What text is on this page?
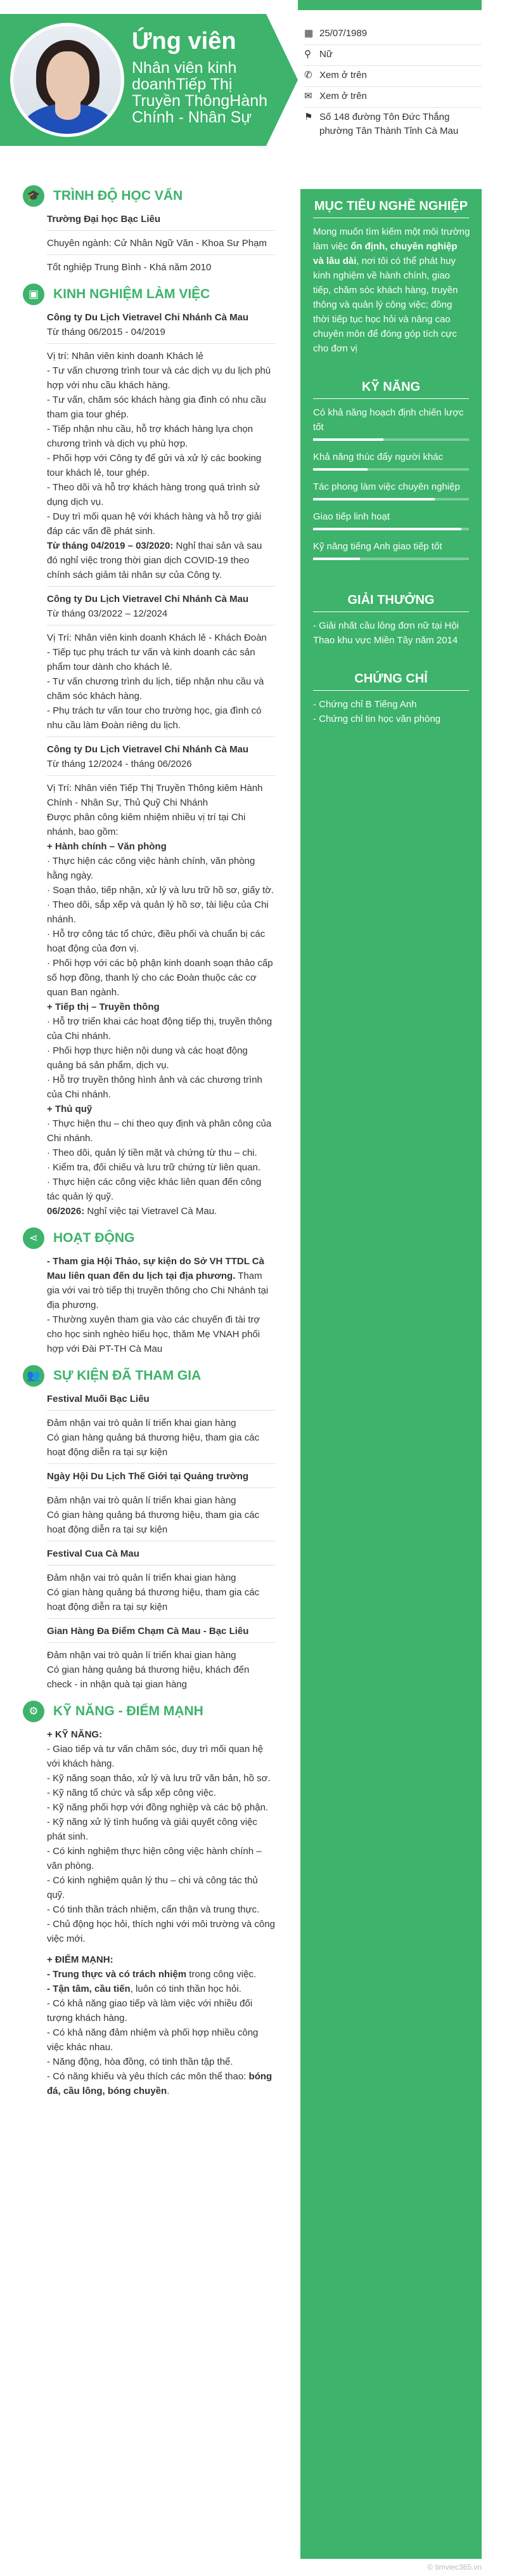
Ứng viên
Nhân viên kinh doanhTiếp Thị Truyền ThôngHành Chính - Nhân Sự
▦ 25/07/1989
⚲ Nữ
✆ Xem ở trên
✉ Xem ở trên
⚑ Số 148 đường Tôn Đức Thắng phường Tân Thành Tỉnh Cà Mau
🎓 TRÌNH ĐỘ HỌC VẤN

Trường Đại học Bạc Liêu

Chuyên ngành: Cử Nhân Ngữ Văn - Khoa Sư Phạm

Tốt nghiệp Trung Bình - Khá năm 2010

▣	KINH NGHIỆM LÀM VIỆC

Công ty Du Lịch Vietravel Chi Nhánh Cà Mau

Từ tháng 06/2015 - 04/2019

Vị trí: Nhân viên kinh doanh Khách lẻ

- Tư vấn chương trình tour và các dịch vụ du lịch phù hợp với nhu cầu khách hàng.

- Tư vấn, chăm sóc khách hàng gia đình có nhu cầu tham gia tour ghép.

- Tiếp nhận nhu cầu, hỗ trợ khách hàng lựa chọn chương trình và dịch vụ phù hợp.

- Phối hợp với Công ty để gửi và xử lý các booking tour khách lẻ, tour ghép.

- Theo dõi và hỗ trợ khách hàng trong quá trình sử dụng dịch vụ.

- Duy trì mối quan hệ với khách hàng và hỗ trợ giải đáp các vấn đề phát sinh.

Từ tháng 04/2019 – 03/2020: Nghỉ thai sản và sau đó nghỉ việc trong thời gian dịch COVID-19 theo chính sách giảm tải nhân sự của Công ty.

Công ty Du Lịch Vietravel Chi Nhánh Cà Mau

Từ tháng 03/2022 – 12/2024

Vị Trí: Nhân viên kinh doanh Khách lẻ - Khách Đoàn

- Tiếp tục phụ trách tư vấn và kinh doanh các sản phẩm tour dành cho khách lẻ.

- Tư vấn chương trình du lịch, tiếp nhận nhu cầu và chăm sóc khách hàng.

- Phụ trách tư vấn tour cho trường học, gia đình có nhu cầu làm Đoàn riêng du lịch.

Công ty Du Lịch Vietravel Chi Nhánh Cà Mau

Từ tháng 12/2024 - tháng 06/2026

Vị Trí: Nhân viên Tiếp Thị Truyền Thông kiêm Hành Chính - Nhân Sự, Thủ Quỹ Chi Nhánh

Được phân công kiêm nhiệm nhiều vị trí tại Chi nhánh, bao gồm:

+ Hành chính – Văn phòng

· Thực hiện các công việc hành chính, văn phòng hằng ngày.

· Soạn thảo, tiếp nhận, xử lý và lưu trữ hồ sơ, giấy tờ.

· Theo dõi, sắp xếp và quản lý hồ sơ, tài liệu của Chi nhánh.

· Hỗ trợ công tác tổ chức, điều phối và chuẩn bị các hoạt động của đơn vị.

· Phối hợp với các bộ phận kinh doanh soạn thảo cấp số hợp đồng, thanh lý cho các Đoàn thuộc các cơ quan Ban ngành.

+ Tiếp thị – Truyền thông

· Hỗ trợ triển khai các hoạt động tiếp thị, truyền thông của Chi nhánh.

· Phối hợp thực hiện nội dung và các hoạt động quảng bá sản phẩm, dịch vụ.

· Hỗ trợ truyền thông hình ảnh và các chương trình của Chi nhánh.

+ Thủ quỹ

· Thực hiện thu – chi theo quy định và phân công của Chi nhánh.

· Theo dõi, quản lý tiền mặt và chứng từ thu – chi.

· Kiểm tra, đối chiếu và lưu trữ chứng từ liên quan.

· Thực hiện các công việc khác liên quan đến công tác quản lý quỹ.

06/2026: Nghỉ việc tại Vietravel Cà Mau.

⋖	HOẠT ĐỘNG

- Tham gia Hội Thảo, sự kiện do Sở VH TTDL Cà Mau liên quan đến du lịch tại địa phương. Tham gia với vai trò tiếp thị truyền thông cho Chi Nhánh tại địa phương.

- Thường xuyên tham gia vào các chuyến đi tài trợ cho học sinh nghèo hiếu học, thăm Mẹ VNAH phối hợp với Đài PT-TH Cà Mau

👥 SỰ KIỆN ĐÃ THAM GIA

Festival Muối Bạc Liêu

Đảm nhận vai trò quản lí triển khai gian hàng

Có gian hàng quảng bá thương hiệu, tham gia các hoạt động diễn ra tại sự kiện

Ngày Hội Du Lịch Thế Giới tại Quảng trường

Đảm nhận vai trò quản lí triển khai gian hàng

Có gian hàng quảng bá thương hiệu, tham gia các hoạt động diễn ra tại sự kiện

Festival Cua Cà Mau

Đảm nhận vai trò quản lí triển khai gian hàng

Có gian hàng quảng bá thương hiệu, tham gia các hoạt động diễn ra tại sự kiện

Gian Hàng Đa Điểm Chạm Cà Mau - Bạc Liêu

Đảm nhận vai trò quản lí triển khai gian hàng

Có gian hàng quảng bá thương hiệu, khách đến check - in nhận quà tại gian hàng

⚙	KỸ NĂNG - ĐIỂM MẠNH

+ KỸ NĂNG:

- Giao tiếp và tư vấn chăm sóc, duy trì mối quan hệ với khách hàng.

- Kỹ năng soạn thảo, xử lý và lưu trữ văn bản, hồ sơ.

- Kỹ năng tổ chức và sắp xếp công việc.

- Kỹ năng phối hợp với đồng nghiệp và các bộ phận.

- Kỹ năng xử lý tình huống và giải quyết công việc phát sinh.

- Có kinh nghiệm thực hiện công việc hành chính – văn phòng.

- Có kinh nghiệm quản lý thu – chi và công tác thủ quỹ.

- Có tinh thần trách nhiệm, cẩn thận và trung thực.

- Chủ động học hỏi, thích nghi với môi trường và công việc mới.

+ ĐIỂM MẠNH:

- Trung thực và có trách nhiệm trong công việc.

- Tận tâm, cầu tiến, luôn có tinh thần học hỏi.

- Có khả năng giao tiếp và làm việc với nhiều đối tượng khách hàng.

- Có khả năng đảm nhiệm và phối hợp nhiều công việc khác nhau.

- Năng động, hòa đồng, có tinh thần tập thể.

- Có năng khiếu và yêu thích các môn thể thao: bóng đá, cầu lông, bóng chuyền.

MỤC TIÊU NGHỀ NGHIỆP
Mong muốn tìm kiếm một môi trường làm việc ổn định, chuyên nghiệp và lâu dài, nơi tôi có thể phát huy kinh nghiệm về hành chính, giao tiếp, chăm sóc khách hàng, truyền thông và quản lý công việc; đồng thời tiếp tục học hỏi và nâng cao chuyên môn để đóng góp tích cực cho đơn vị
KỸ NĂNG
Có khả năng hoạch định chiến lược tốt
Khả năng thúc đẩy người khác
Tác phong làm việc chuyên nghiệp
Giao tiếp linh hoạt
Kỹ năng tiếng Anh giao tiếp tốt
GIẢI THƯỞNG
- Giải nhất cầu lông đơn nữ tại Hội Thao khu vực Miền Tây năm 2014
CHỨNG CHỈ
- Chứng chỉ B Tiếng Anh
- Chứng chỉ tin học văn phòng
© timviec365.vn
